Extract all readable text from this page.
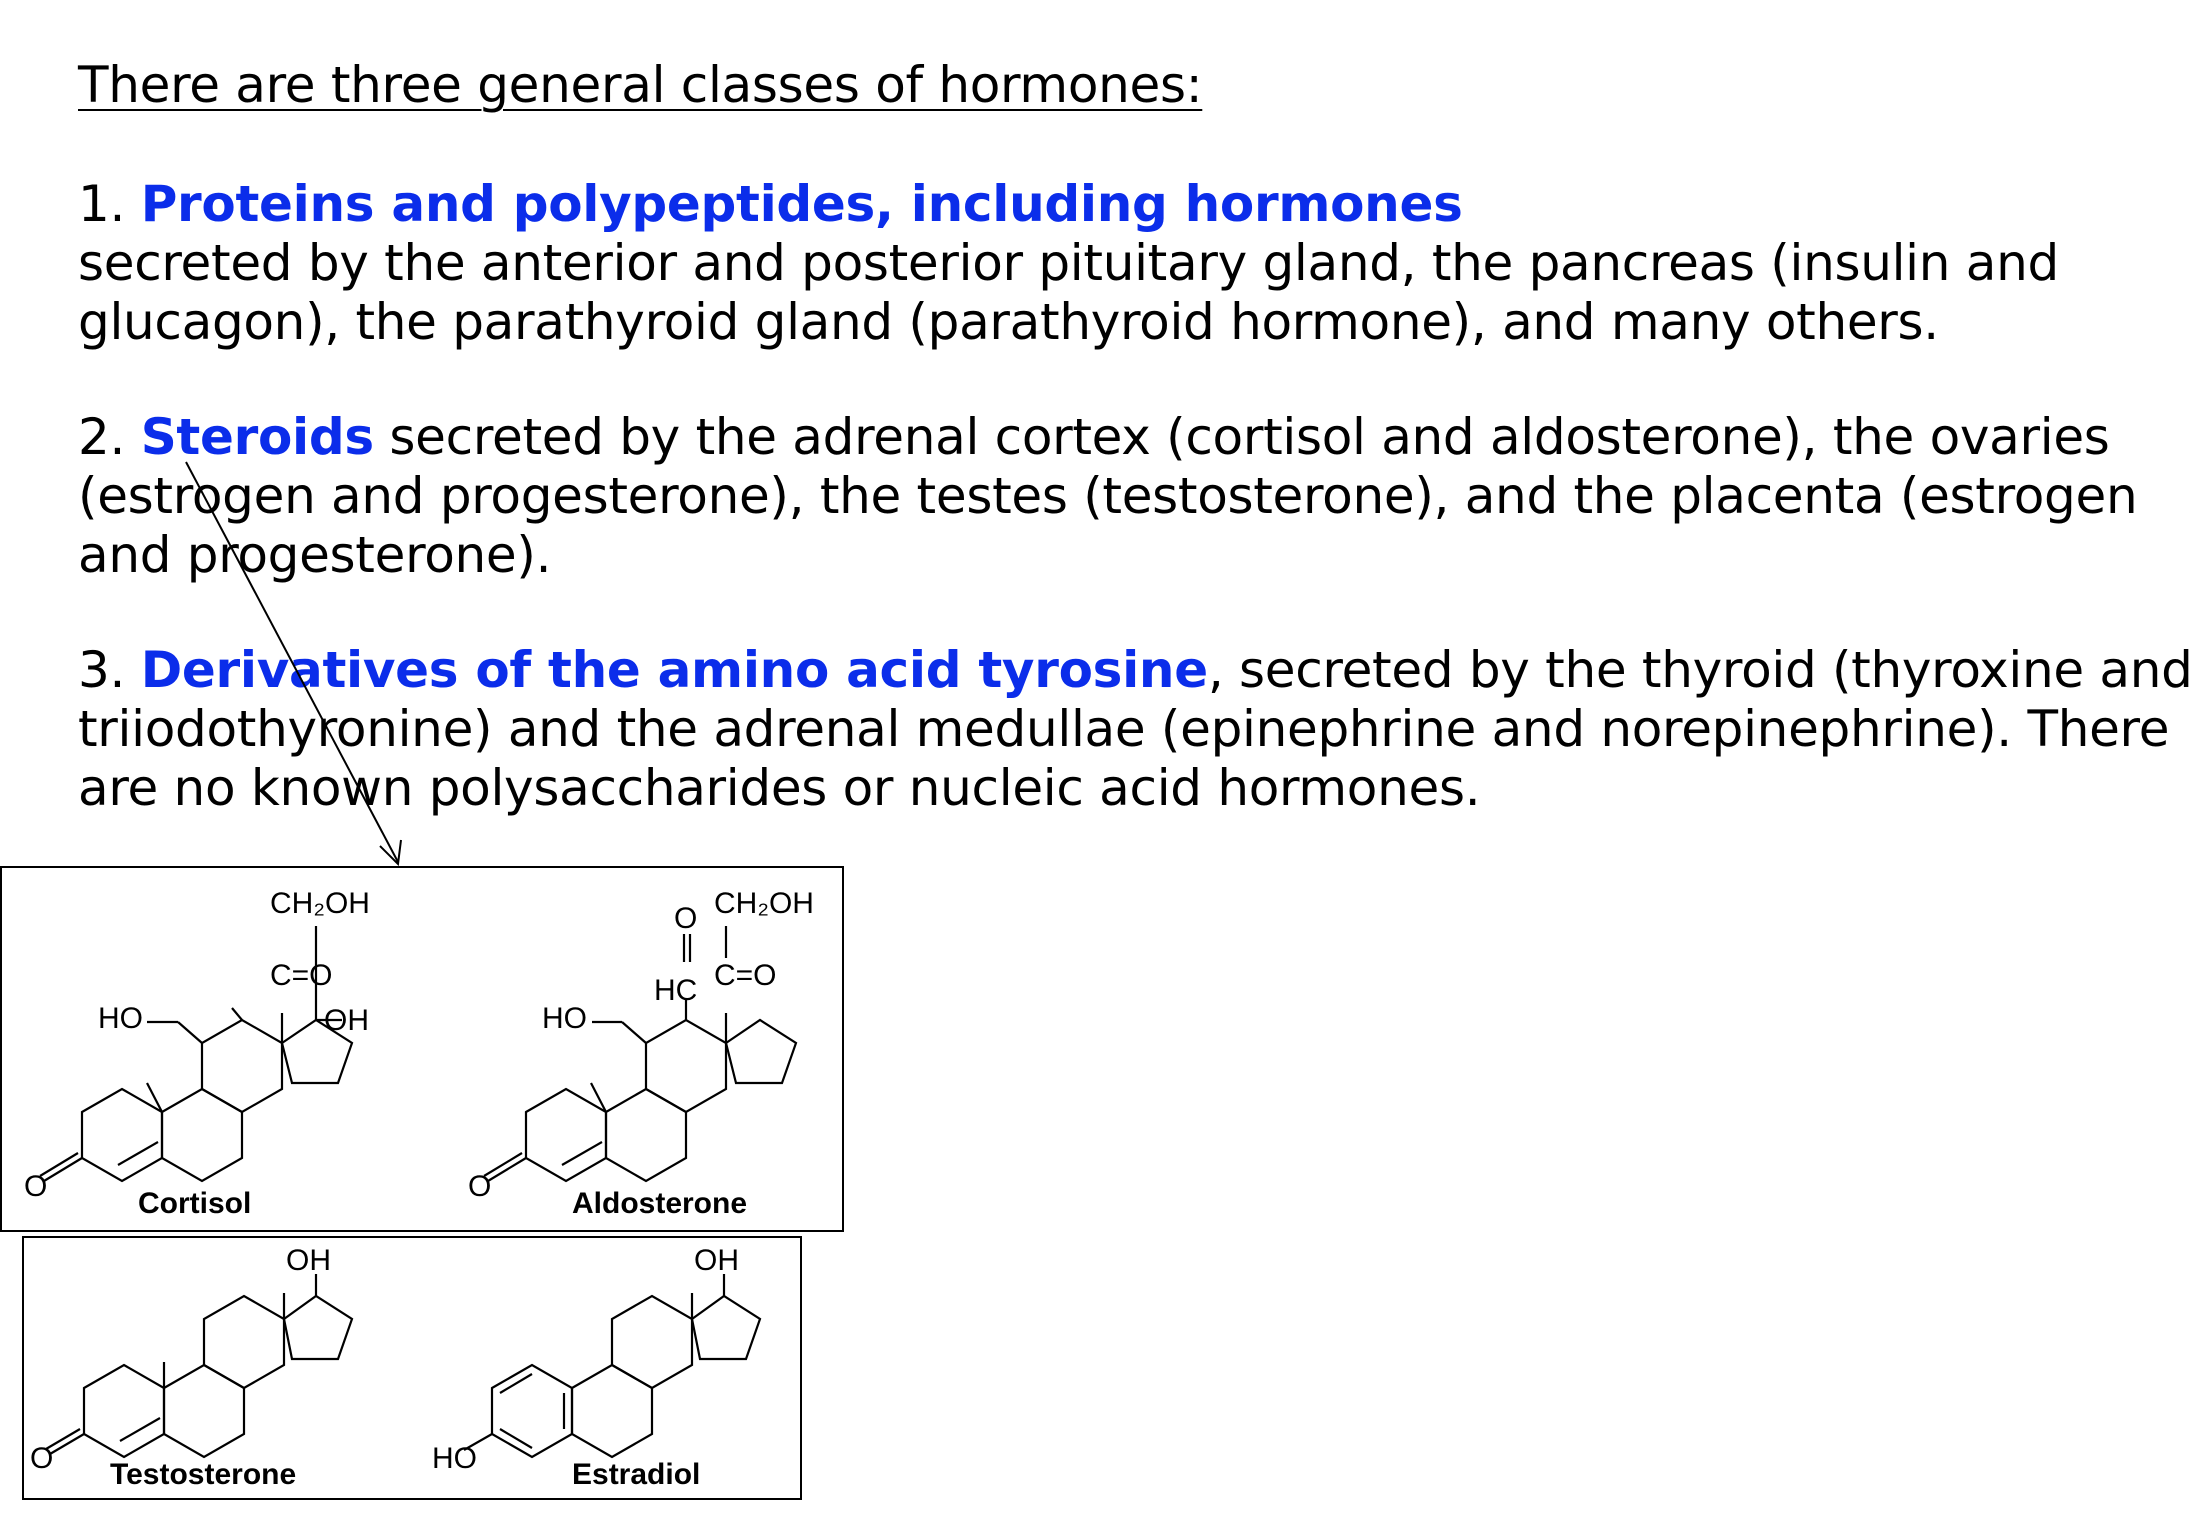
There are three general classes of hormones:
1. Proteins and polypeptides, including hormones
secreted by the anterior and posterior pituitary gland, the pancreas (insulin and
glucagon), the parathyroid gland (parathyroid hormone), and many others.
2. Steroids secreted by the adrenal cortex (cortisol and aldosterone), the ovaries
(estrogen and progesterone), the testes (testosterone), and the placenta (estrogen
and progesterone).
3. Derivatives of the amino acid tyrosine, secreted by the thyroid (thyroxine and
triiodothyronine) and the adrenal medullae (epinephrine and norepinephrine). There
are no known polysaccharides or nucleic acid hormones.
CH₂OH
C=O
HO	OH
O
Cortisol
O CH₂OH
C=O
HC
HO
O
Aldosterone
OH
O Testosterone
OH
HO	Estradiol
